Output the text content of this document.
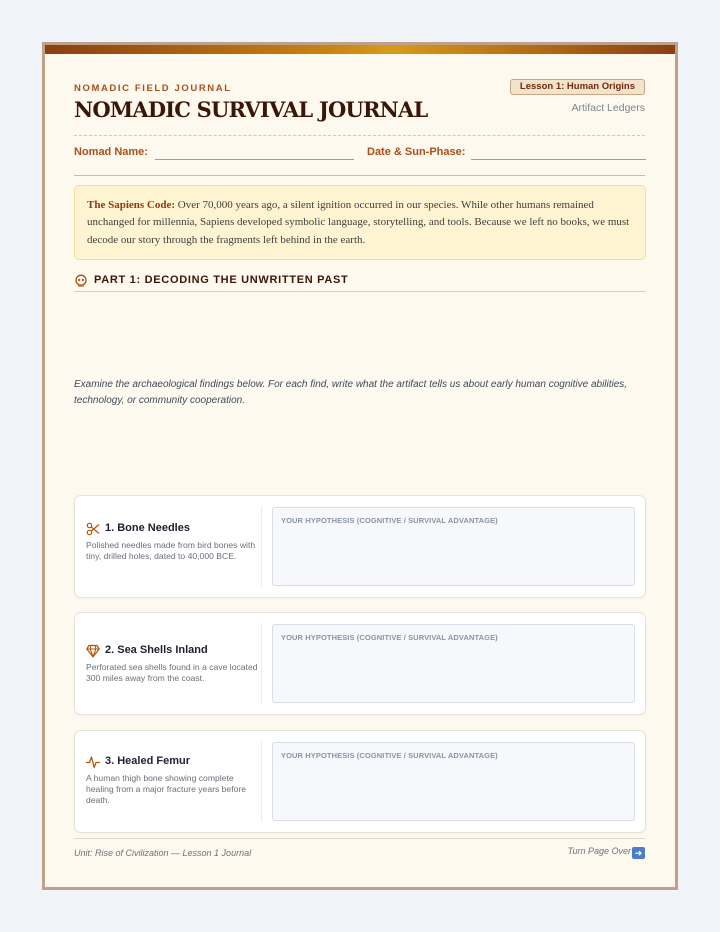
NOMADIC FIELD JOURNAL
NOMADIC SURVIVAL JOURNAL
Lesson 1: Human Origins
Artifact Ledgers
Nomad Name:	Date & Sun-Phase:
The Sapiens Code: Over 70,000 years ago, a silent ignition occurred in our species. While other humans remained unchanged for millennia, Sapiens developed symbolic language, storytelling, and tools. Because we left no books, we must decode our story through the fragments left behind in the earth.
PART 1: DECODING THE UNWRITTEN PAST
Examine the archaeological findings below. For each find, write what the artifact tells us about early human cognitive abilities, technology, or community cooperation.
1. Bone Needles
Polished needles made from bird bones with tiny, drilled holes, dated to 40,000 BCE.
YOUR HYPOTHESIS (COGNITIVE / SURVIVAL ADVANTAGE)
2. Sea Shells Inland
Perforated sea shells found in a cave located 300 miles away from the coast.
YOUR HYPOTHESIS (COGNITIVE / SURVIVAL ADVANTAGE)
3. Healed Femur
A human thigh bone showing complete healing from a major fracture years before death.
YOUR HYPOTHESIS (COGNITIVE / SURVIVAL ADVANTAGE)
Unit: Rise of Civilization — Lesson 1 Journal	Turn Page Over ➜
